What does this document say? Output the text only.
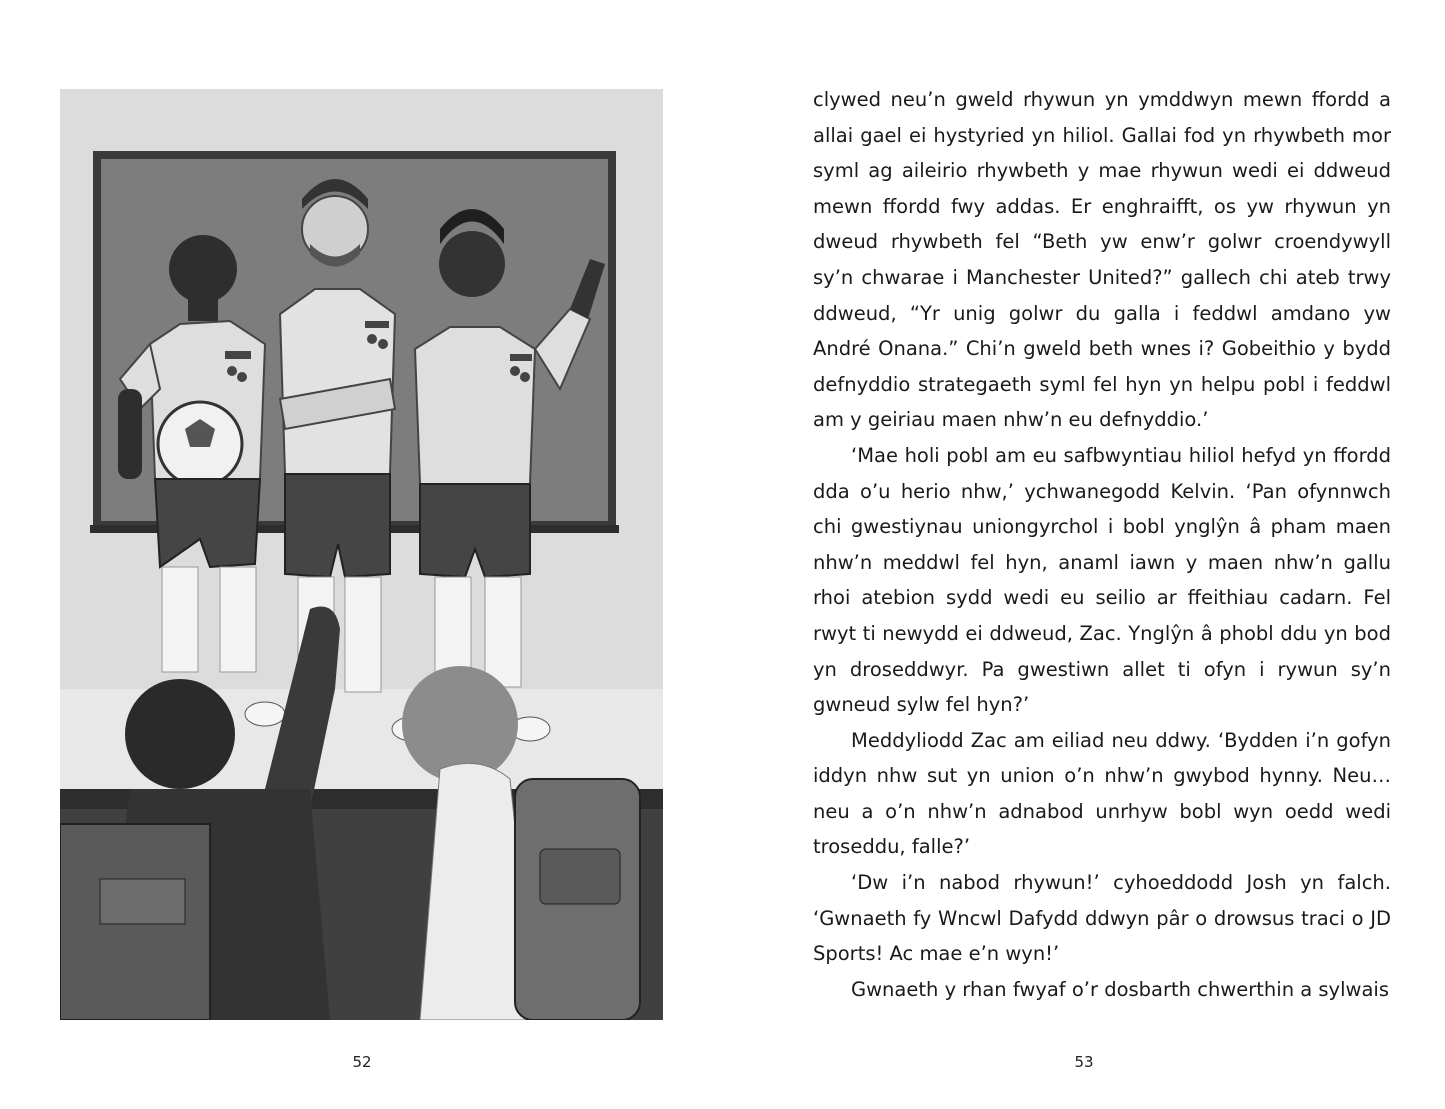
52

clywed neu’n gweld rhywun yn ymddwyn mewn ffordd a allai gael ei hystyried yn hiliol. Gallai fod yn rhywbeth mor syml ag aileirio rhywbeth y mae rhywun wedi ei ddweud mewn ffordd fwy addas. Er enghraifft, os yw rhywun yn dweud rhywbeth fel “Beth yw enw’r golwr croendywyll sy’n chwarae i Manchester United?” gallech chi ateb trwy ddweud, “Yr unig golwr du galla i feddwl amdano yw André Onana.” Chi’n gweld beth wnes i? Gobeithio y bydd defnyddio strategaeth syml fel hyn yn helpu pobl i feddwl am y geiriau maen nhw’n eu defnyddio.’

‘Mae holi pobl am eu safbwyntiau hiliol hefyd yn ffordd dda o’u herio nhw,’ ychwanegodd Kelvin. ‘Pan ofynnwch chi gwestiynau uniongyrchol i bobl ynglŷn â pham maen nhw’n meddwl fel hyn, anaml iawn y maen nhw’n gallu rhoi atebion sydd wedi eu seilio ar ffeithiau cadarn. Fel rwyt ti newydd ei ddweud, Zac. Ynglŷn â phobl ddu yn bod yn droseddwyr. Pa gwestiwn allet ti ofyn i rywun sy’n gwneud sylw fel hyn?’

Meddyliodd Zac am eiliad neu ddwy. ‘Bydden i’n gofyn iddyn nhw sut yn union o’n nhw’n gwybod hynny. Neu… neu a o’n nhw’n adnabod unrhyw bobl wyn oedd wedi troseddu, falle?’

‘Dw i’n nabod rhywun!’ cyhoeddodd Josh yn falch. ‘Gwnaeth fy Wncwl Dafydd ddwyn pâr o drowsus traci o JD Sports! Ac mae e’n wyn!’

Gwnaeth y rhan fwyaf o’r dosbarth chwerthin a sylwais

53
